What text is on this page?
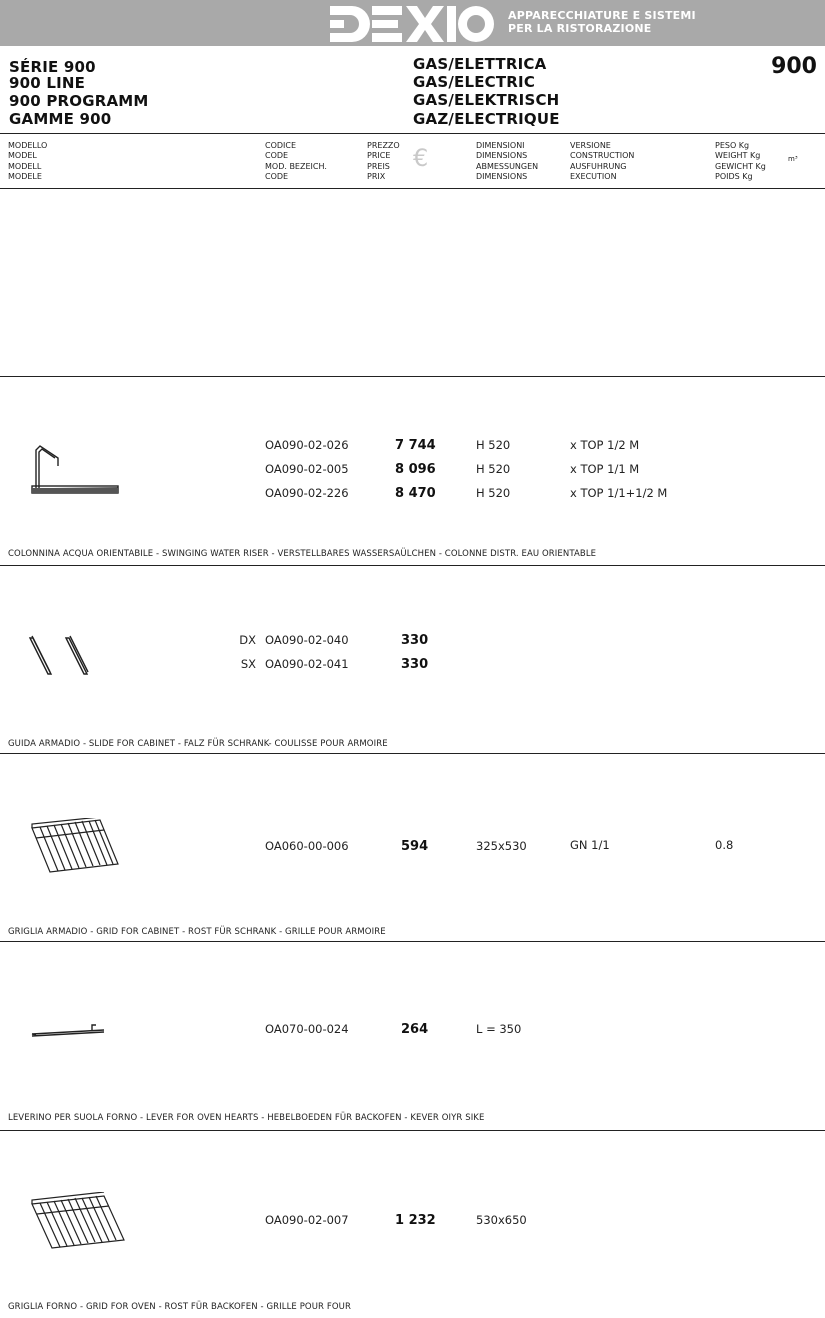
APPARECCHIATURE E SISTEMI
PER LA RISTORAZIONE
SÉRIE 900
900 LINE
900 PROGRAMM
GAMME 900
GAS/ELETTRICA
GAS/ELECTRIC
GAS/ELEKTRISCH
GAZ/ELECTRIQUE
900
MODELLO
MODEL
MODELL
MODELE
CODICE
CODE
MOD. BEZEICH.
CODE
PREZZO
PRICE
PREIS
PRIX
€	DIMENSIONI
DIMENSIONS
ABMESSUNGEN
DIMENSIONS
VERSIONE
CONSTRUCTION
AUSFUHRUNG
EXECUTION
PESO Kg
WEIGHT Kg
GEWICHT Kg
POIDS Kg
m³
OA090-02-026	7 744	H 520	x TOP 1/2 M
OA090-02-005	8 096	H 520	x TOP 1/1 M
OA090-02-226	8 470	H 520	x TOP 1/1+1/2 M
COLONNINA ACQUA ORIENTABILE - SWINGING WATER RISER - VERSTELLBARES WASSERSAÜLCHEN - COLONNE DISTR. EAU ORIENTABLE
DX OA090-02-040	330
SX OA090-02-041	330
GUIDA ARMADIO - SLIDE FOR CABINET - FALZ FÜR SCHRANK- COULISSE POUR ARMOIRE
OA060-00-006	594	325x530	GN 1/1	0.8
GRIGLIA ARMADIO - GRID FOR CABINET - ROST FÜR SCHRANK - GRILLE POUR ARMOIRE
OA070-00-024	264	L = 350
LEVERINO PER SUOLA FORNO - LEVER FOR OVEN HEARTS - HEBELBOEDEN FÜR BACKOFEN - KEVER OIYR SIKE
OA090-02-007	1 232	530x650
GRIGLIA FORNO - GRID FOR OVEN - ROST FÜR BACKOFEN - GRILLE POUR FOUR
